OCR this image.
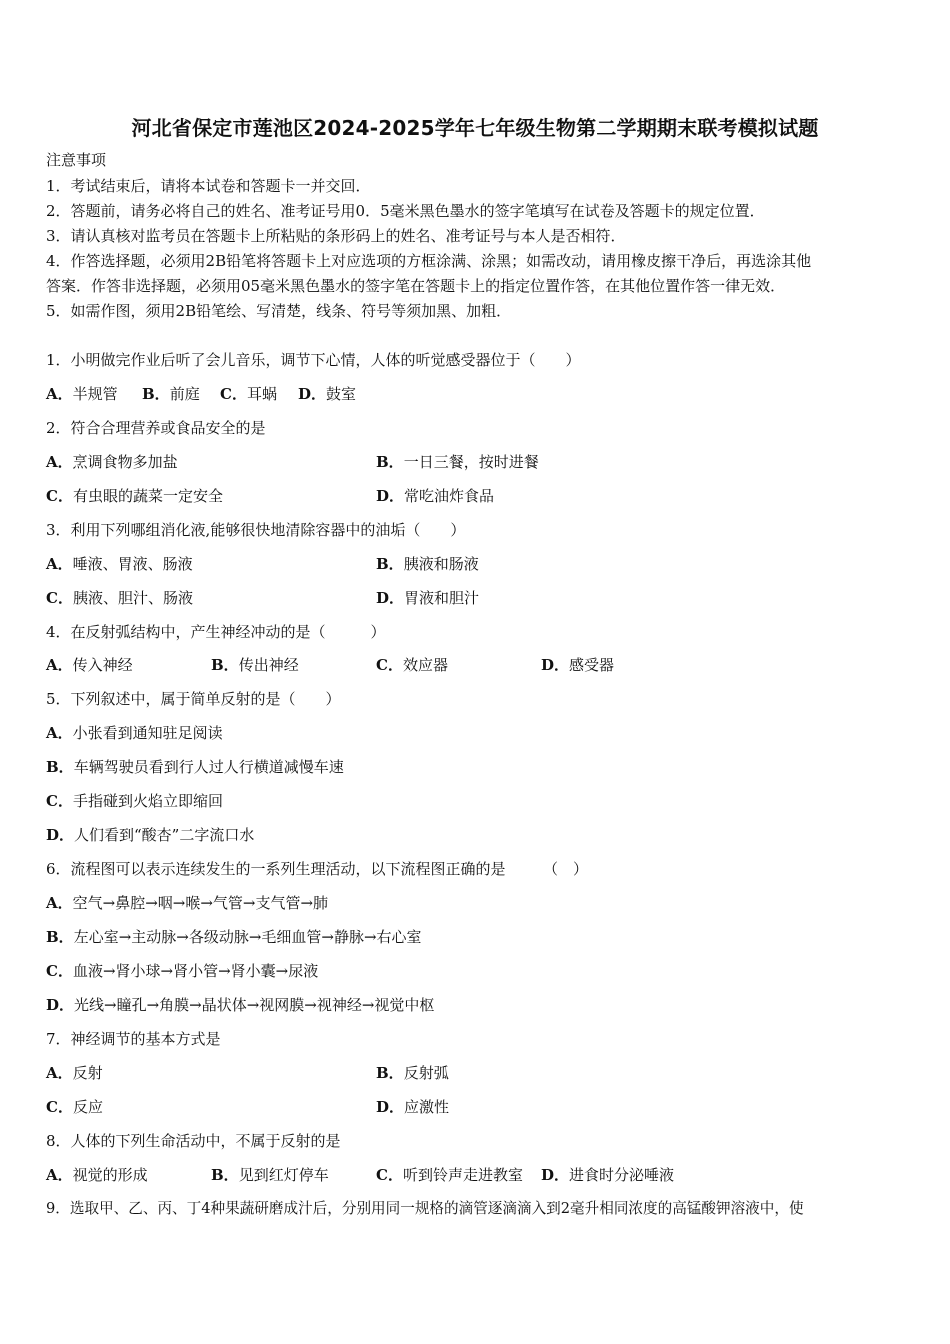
河北省保定市莲池区2024-2025学年七年级生物第二学期期末联考模拟试题
注意事项
1．考试结束后，请将本试卷和答题卡一并交回．
2．答题前，请务必将自己的姓名、准考证号用0．5毫米黑色墨水的签字笔填写在试卷及答题卡的规定位置．
3．请认真核对监考员在答题卡上所粘贴的条形码上的姓名、准考证号与本人是否相符．
4．作答选择题，必须用2B铅笔将答题卡上对应选项的方框涂满、涂黑；如需改动，请用橡皮擦干净后，再选涂其他
答案．作答非选择题，必须用05毫米黑色墨水的签字笔在答题卡上的指定位置作答，在其他位置作答一律无效．
5．如需作图，须用2B铅笔绘、写清楚，线条、符号等须加黑、加粗．
1．小明做完作业后听了会儿音乐，调节下心情，人体的听觉感受器位于（　　）
A．半规管 B．前庭 C．耳蜗 D．鼓室
2．符合合理营养或食品安全的是
A．烹调食物多加盐	B．一日三餐，按时进餐
C．有虫眼的蔬菜一定安全	D．常吃油炸食品
3．利用下列哪组消化液,能够很快地清除容器中的油垢（　　）
A．唾液、胃液、肠液	B．胰液和肠液
C．胰液、胆汁、肠液	D．胃液和胆汁
4．在反射弧结构中，产生神经冲动的是（　　　）
A．传入神经	B．传出神经	C．效应器	D．感受器
5．下列叙述中，属于简单反射的是（　　）
A．小张看到通知驻足阅读
B．车辆驾驶员看到行人过人行横道减慢车速
C．手指碰到火焰立即缩回
D．人们看到“酸杏”二字流口水
6．流程图可以表示连续发生的一系列生理活动，以下流程图正确的是　　　（　）
A．空气→鼻腔→咽→喉→气管→支气管→肺
B．左心室→主动脉→各级动脉→毛细血管→静脉→右心室
C．血液→肾小球→肾小管→肾小囊→尿液
D．光线→瞳孔→角膜→晶状体→视网膜→视神经→视觉中枢
7．神经调节的基本方式是
A．反射	B．反射弧
C．反应	D．应激性
8．人体的下列生命活动中，不属于反射的是
A．视觉的形成	B．见到红灯停车	C．听到铃声走进教室 D．进食时分泌唾液
9．选取甲、乙、丙、丁4种果蔬研磨成汁后，分别用同一规格的滴管逐滴滴入到2毫升相同浓度的高锰酸钾溶液中，使
